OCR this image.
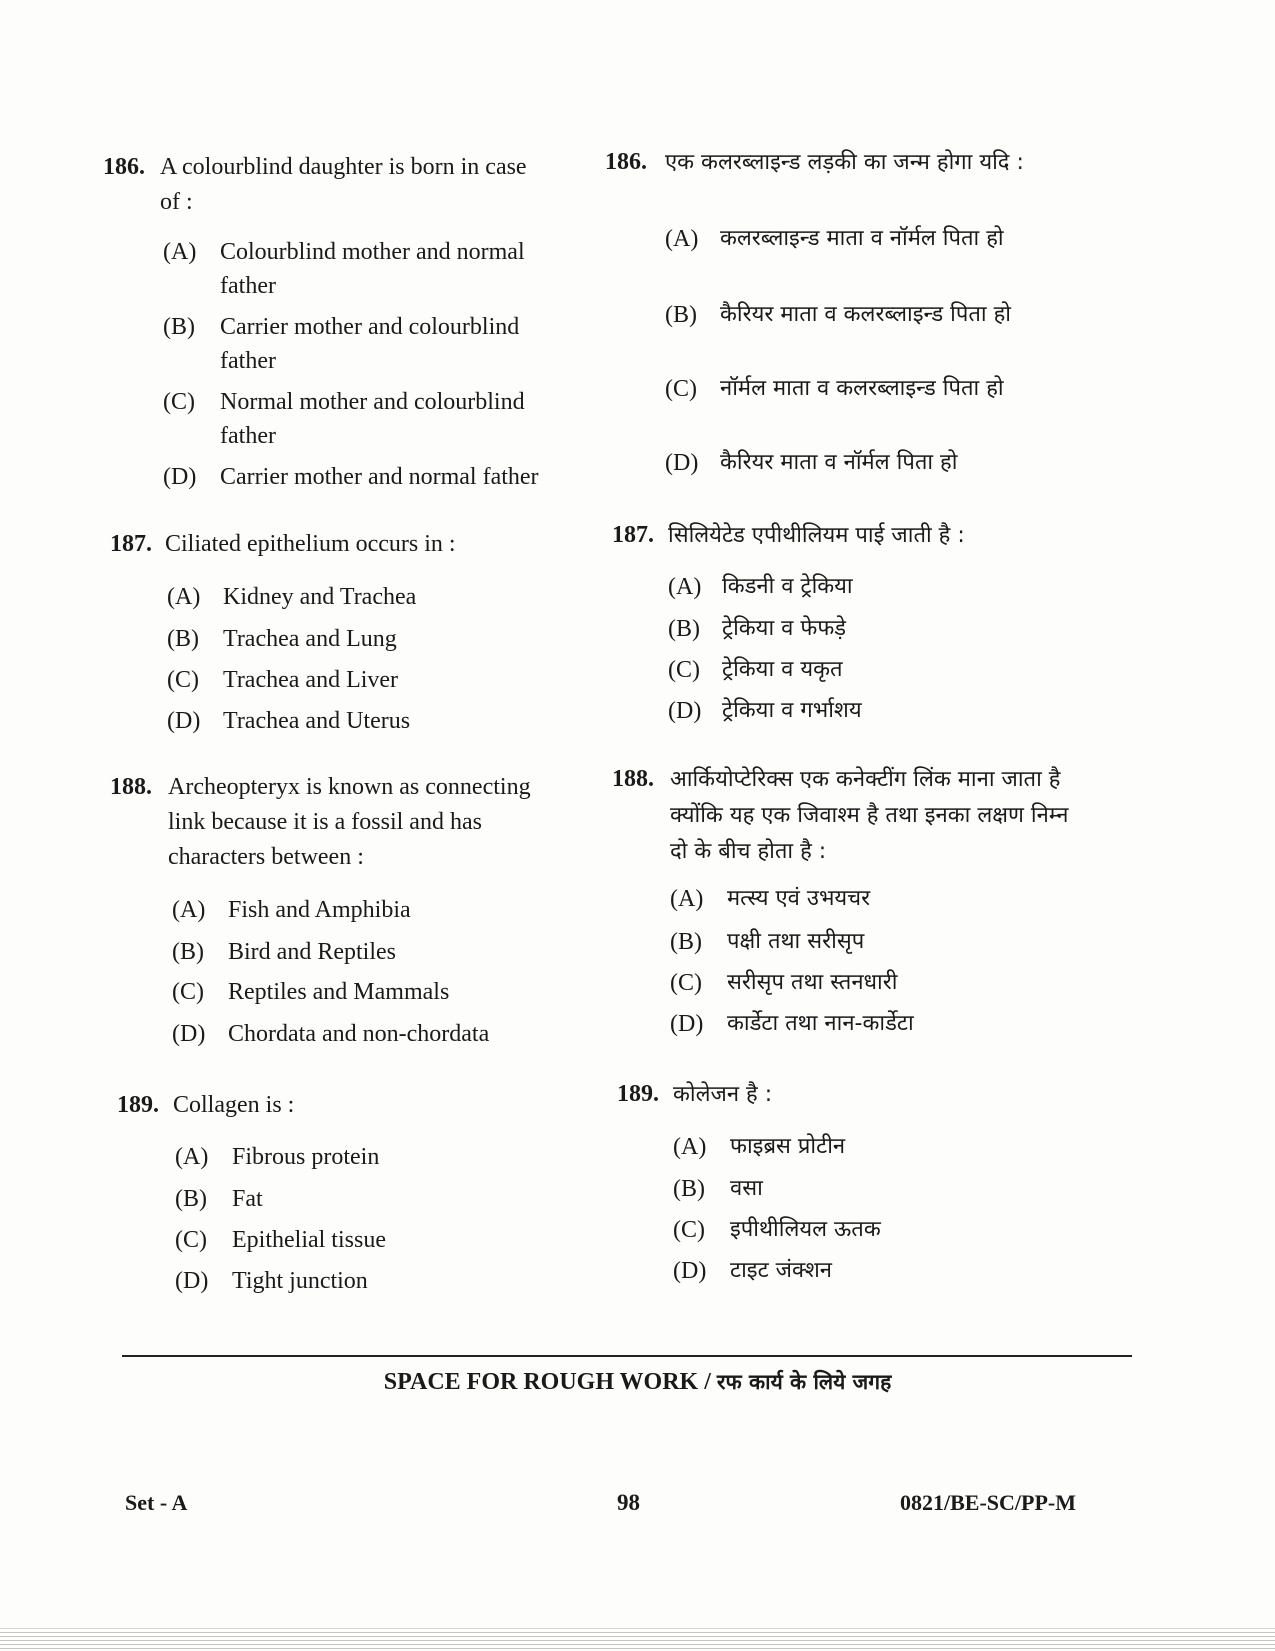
186. A colourblind daughter is born in case
of :
(A) Colourblind mother and normal
father
(B) Carrier mother and colourblind
father
(C) Normal mother and colourblind
father
(D) Carrier mother and normal father
187. Ciliated epithelium occurs in :
(A) Kidney and Trachea
(B) Trachea and Lung
(C) Trachea and Liver
(D) Trachea and Uterus
188. Archeopteryx is known as connecting
link because it is a fossil and has
characters between :
(A) Fish and Amphibia
(B) Bird and Reptiles
(C) Reptiles and Mammals
(D) Chordata and non-chordata
189. Collagen is :
(A) Fibrous protein
(B) Fat
(C) Epithelial tissue
(D) Tight junction
186. एक कलरब्लाइन्ड लड़की का जन्म होगा यदि :
(A) कलरब्लाइन्ड माता व नॉर्मल पिता हो
(B) कैरियर माता व कलरब्लाइन्ड पिता हो
(C) नॉर्मल माता व कलरब्लाइन्ड पिता हो
(D) कैरियर माता व नॉर्मल पिता हो
187. सिलियेटेड एपीथीलियम पाई जाती है :
(A) किडनी व ट्रेकिया
(B) ट्रेकिया व फेफड़े
(C) ट्रेकिया व यकृत
(D) ट्रेकिया व गर्भाशय
188. आर्कियोप्टेरिक्स एक कनेक्टींग लिंक माना जाता है
क्योंकि यह एक जिवाश्म है तथा इनका लक्षण निम्न
दो के बीच होता है :
(A) मत्स्य एवं उभयचर
(B) पक्षी तथा सरीसृप
(C) सरीसृप तथा स्तनधारी
(D) कार्डेटा तथा नान-कार्डेटा
189. कोलेजन है :
(A) फाइब्रस प्रोटीन
(B) वसा
(C) इपीथीलियल ऊतक
(D) टाइट जंक्शन
SPACE FOR ROUGH WORK / रफ कार्य के लिये जगह
Set - A	98	0821/BE-SC/PP-M
